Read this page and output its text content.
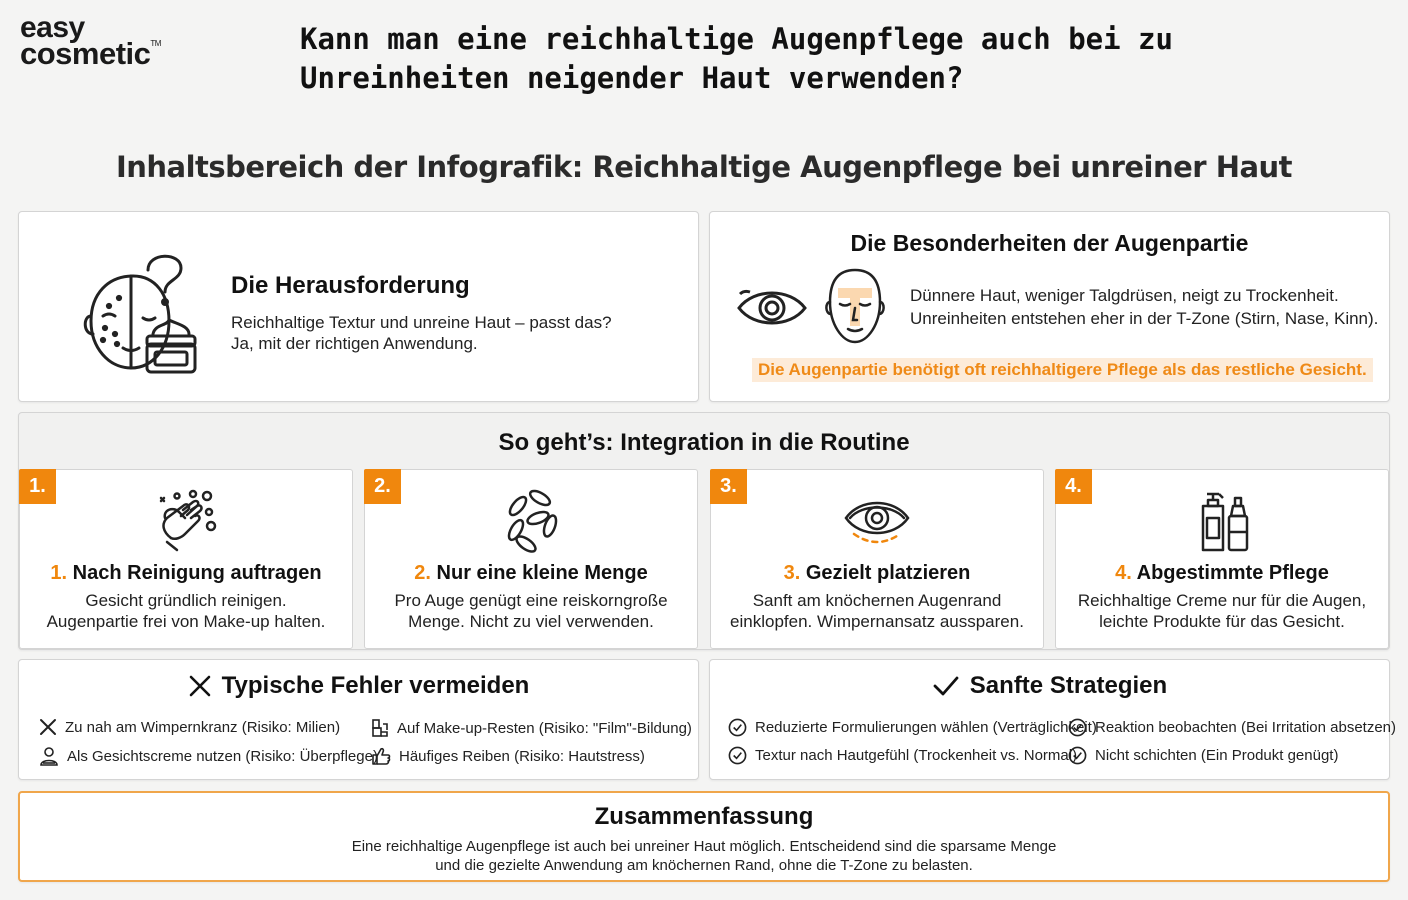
easy
cosmetic™	Kann man eine reichhaltige Augenpflege auch bei zu Unreinheiten neigender Haut verwenden?
Inhaltsbereich der Infografik: Reichhaltige Augenpflege bei unreiner Haut
Die Herausforderung
Reichhaltige Textur und unreine Haut – passt das?
Ja, mit der richtigen Anwendung.
Die Besonderheiten der Augenpartie
Dünnere Haut, weniger Talgdrüsen, neigt zu Trockenheit.
Unreinheiten entstehen eher in der T-Zone (Stirn, Nase, Kinn).
Die Augenpartie benötigt oft reichhaltigere Pflege als das restliche Gesicht.
So geht’s: Integration in die Routine
1.
1. Nach Reinigung auftragen
Gesicht gründlich reinigen.
Augenpartie frei von Make-up halten.
2.
2. Nur eine kleine Menge
Pro Auge genügt eine reiskorngroße
Menge. Nicht zu viel verwenden.
3.
3. Gezielt platzieren
Sanft am knöchernen Augenrand
einklopfen. Wimpernansatz aussparen.
4.
4. Abgestimmte Pflege
Reichhaltige Creme nur für die Augen,
leichte Produkte für das Gesicht.
Typische Fehler vermeiden
Zu nah am Wimpernkranz (Risiko: Milien)	Auf Make-up-Resten (Risiko: "Film"-Bildung)
Als Gesichtscreme nutzen (Risiko: Überpflege) Häufiges Reiben (Risiko: Hautstress)
Sanfte Strategien
Reduzierte Formulierungen wählen (Verträglichkeit)
Reaktion beobachten (Bei Irritation absetzen)
Textur nach Hautgefühl (Trockenheit vs. Normal) Nicht schichten (Ein Produkt genügt)
Zusammenfassung
Eine reichhaltige Augenpflege ist auch bei unreiner Haut möglich. Entscheidend sind die sparsame Menge
und die gezielte Anwendung am knöchernen Rand, ohne die T-Zone zu belasten.
